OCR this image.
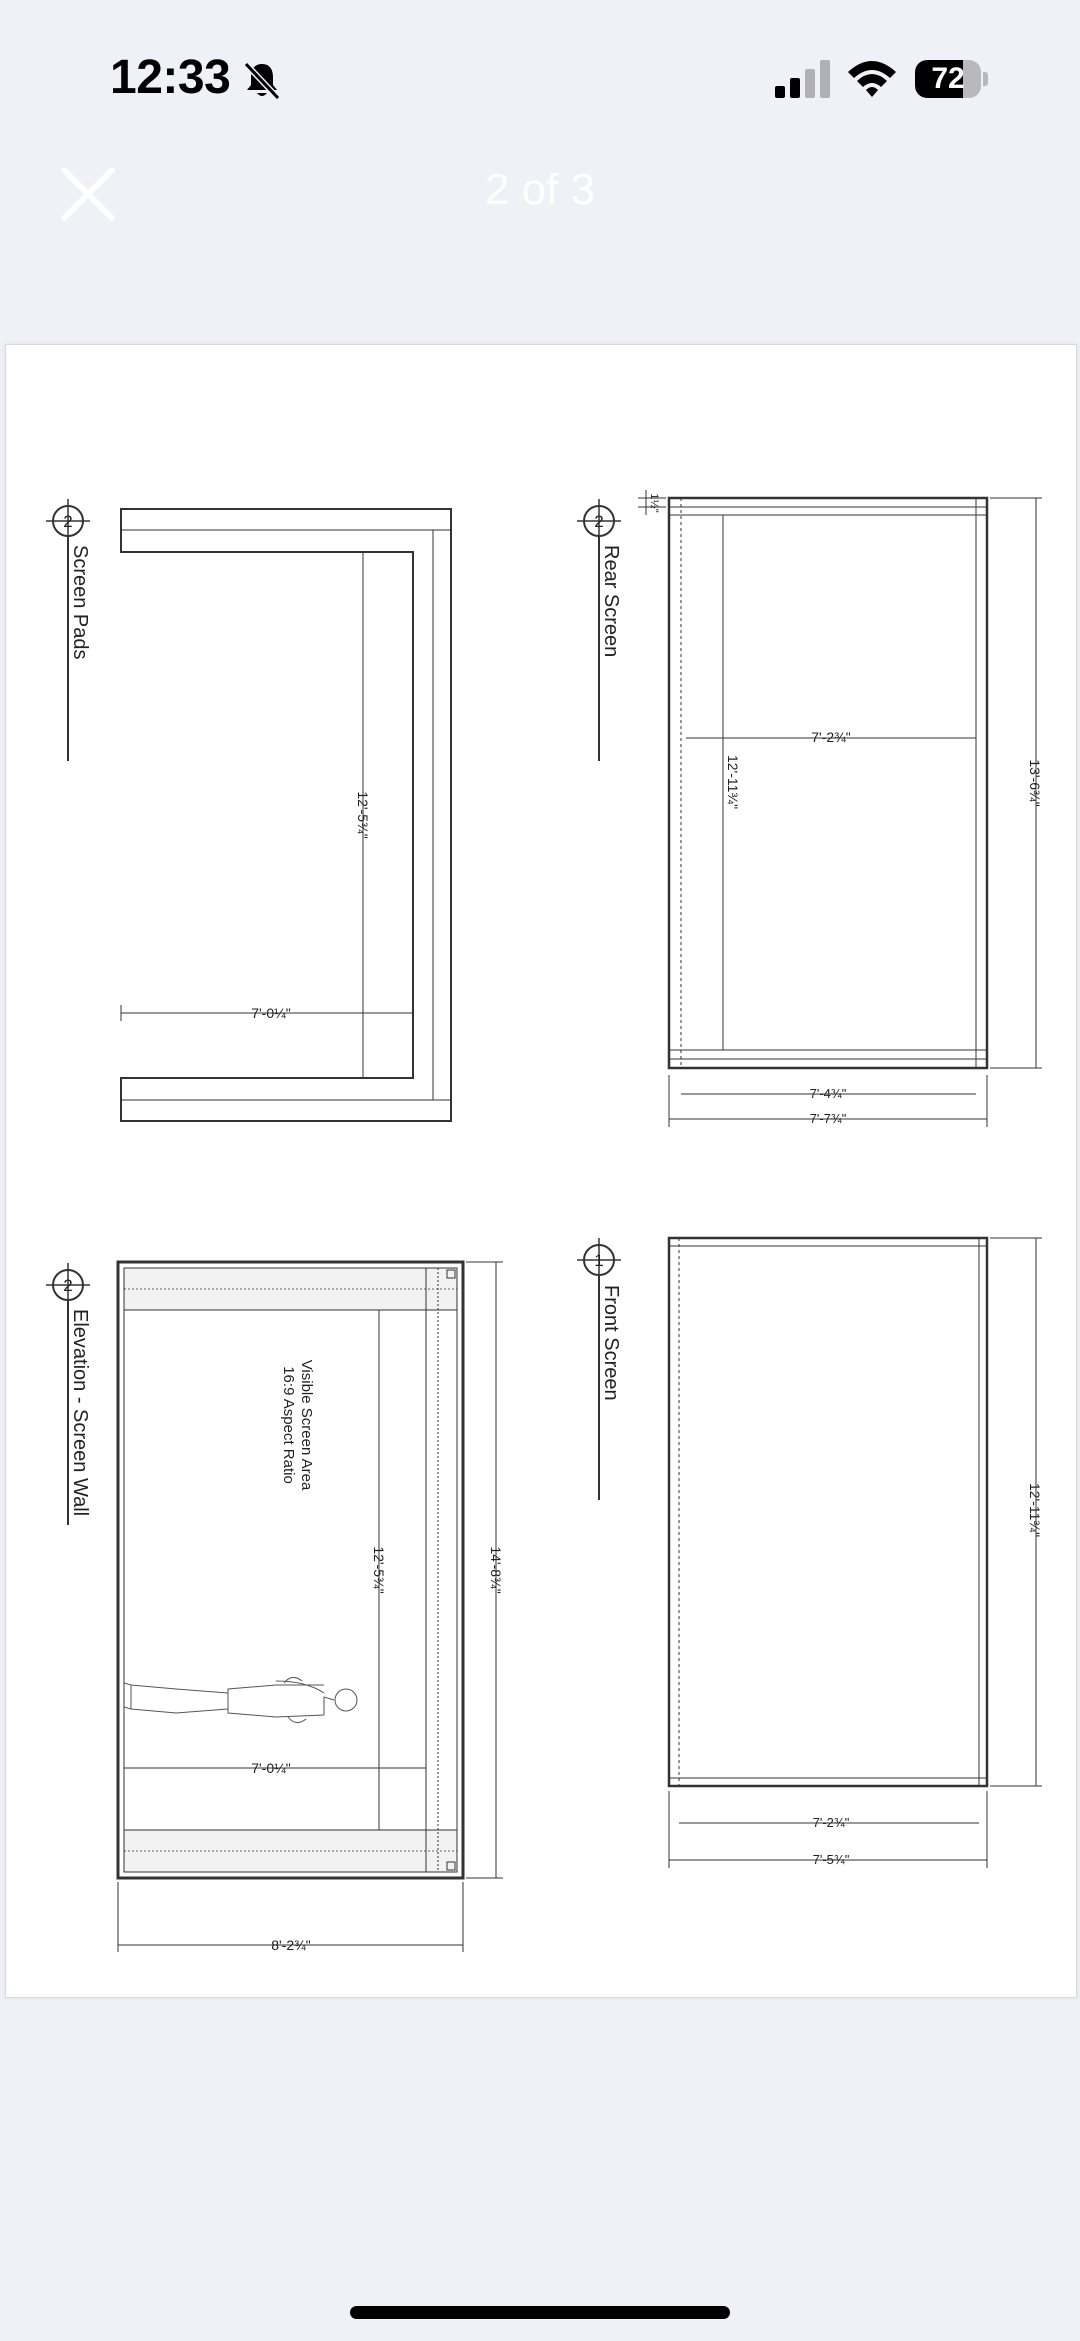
12:33	72
2 of 3
2
Screen Pads
12'-5¾"
7'-0¼"
2
Rear Screen
1½"
12'-11¾"
7'-2¾"
13'-6¾"
7'-4¾"
7'-7¾"
2
Elevation - Screen Wall	Visible Screen Area
16:9 Aspect Ratio
12'-5¾"	14'-8¾"
7'-0¼"
8'-2¾"
1
Front Screen
12'-11¾"
7'-2¾"
7'-5¾"
